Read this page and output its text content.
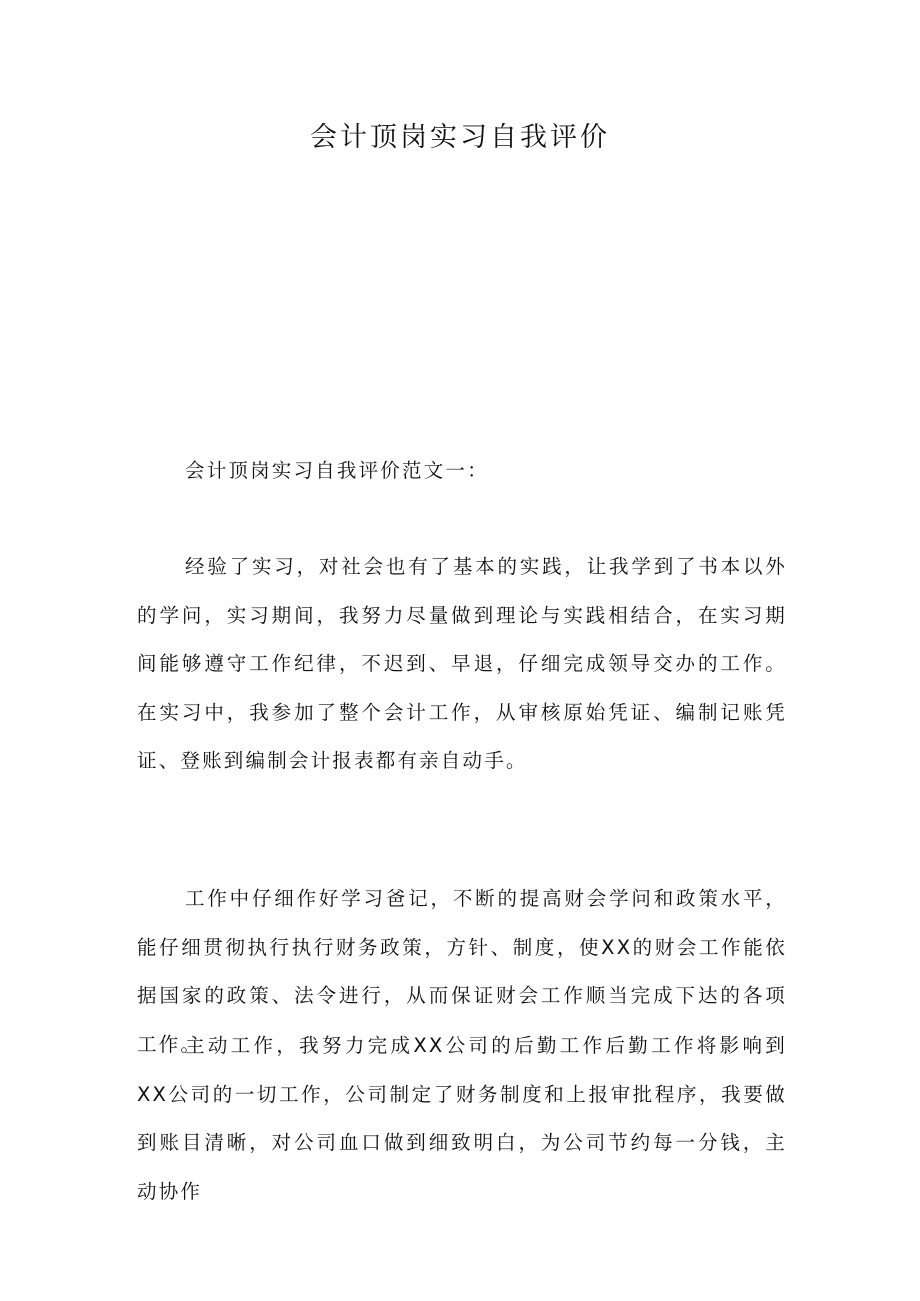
会计顶岗实习自我评价

会计顶岗实习自我评价范文一：

经验了实习，对社会也有了基本的实践，让我学到了书本以外的学问，实习期间，我努力尽量做到理论与实践相结合，在实习期间能够遵守工作纪律，不迟到、早退，仔细完成领导交办的工作。在实习中，我参加了整个会计工作，从审核原始凭证、编制记账凭证、登账到编制会计报表都有亲自动手。

工作中仔细作好学习爸记，不断的提高财会学问和政策水平，能仔细贯彻执行执行财务政策，方针、制度，使XX的财会工作能依据国家的政策、法令进行，从而保证财会工作顺当完成下达的各项工作。

主动工作，我努力完成XX公司的后勤工作后勤工作将影响到XX公司的一切工作，公司制定了财务制度和上报审批程序，我要做到账目清晰，对公司血口做到细致明白，为公司节约每一分钱，主动协作
